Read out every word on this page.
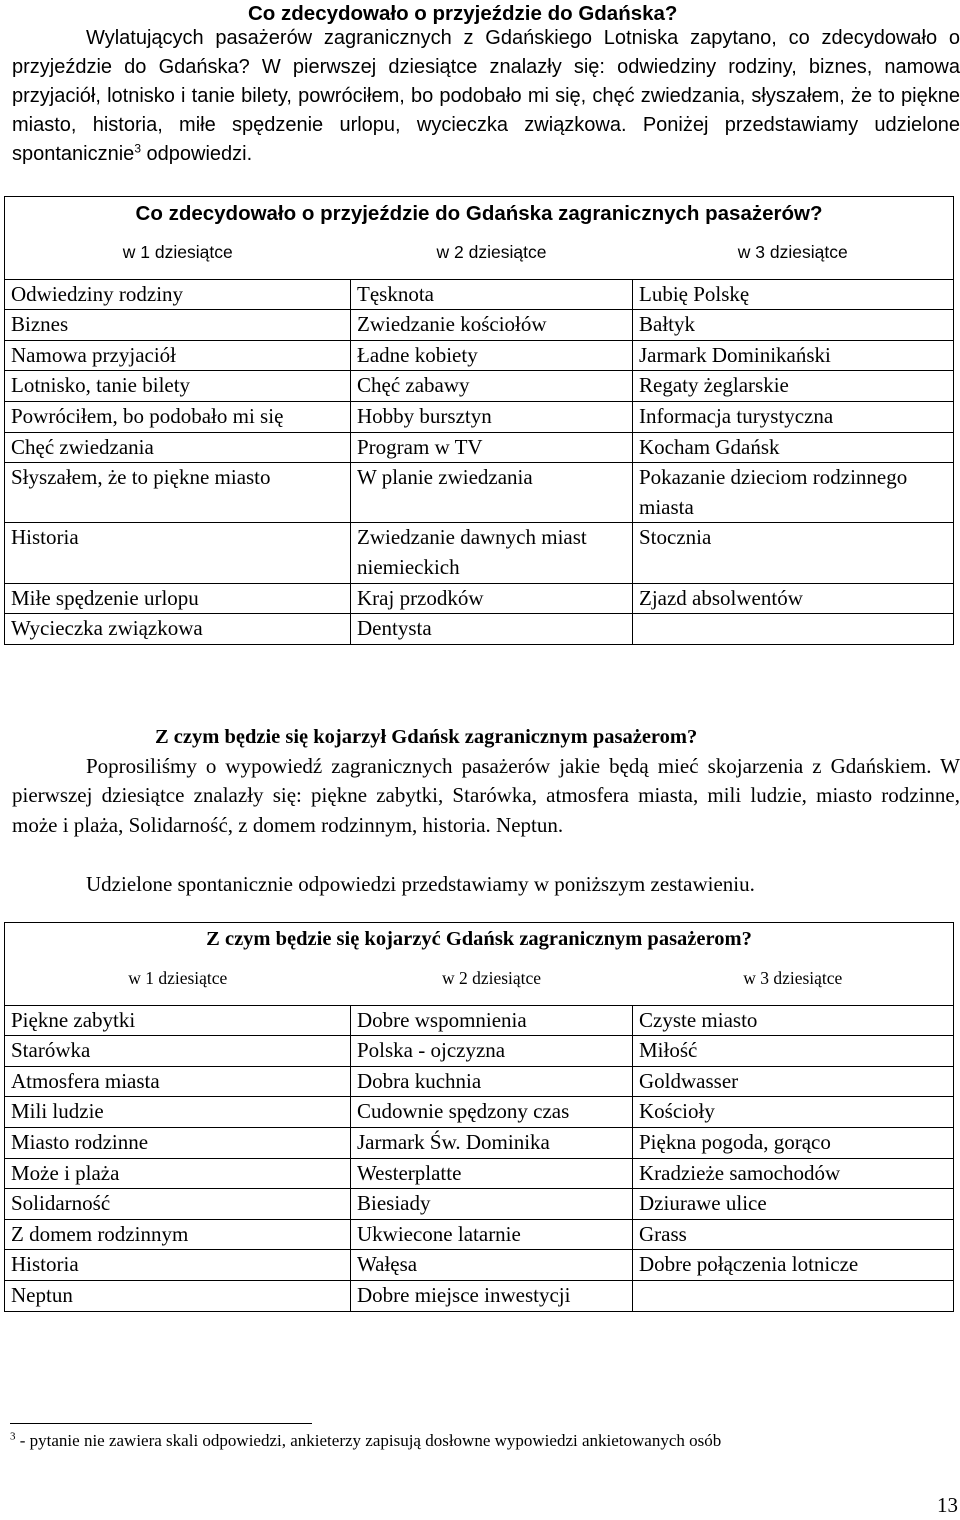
Co zdecydowało o przyjeździe do Gdańska?

Wylatujących pasażerów zagranicznych z Gdańskiego Lotniska zapytano, co zdecydowało o przyjeździe do Gdańska? W pierwszej dziesiątce znalazły się: odwiedziny rodziny, biznes, namowa przyjaciół, lotnisko i tanie bilety, powróciłem, bo podobało mi się, chęć zwiedzania, słyszałem, że to piękne miasto, historia, miłe spędzenie urlopu, wycieczka związkowa. Poniżej przedstawiamy udzielone spontanicznie$^3$ odpowiedzi.

Co zdecydowało o przyjeździe do Gdańska zagranicznych pasażerów?		
w 1 dziesiątce	w 2 dziesiątce	w 3 dziesiątce
Odwiedziny rodziny	Tęsknota	Lubię Polskę
Biznes	Zwiedzanie kościołów	Bałtyk
Namowa przyjaciół	Ładne kobiety	Jarmark Dominikański
Lotnisko, tanie bilety	Chęć zabawy	Regaty żeglarskie
Powróciłem, bo podobało mi się	Hobby bursztyn	Informacja turystyczna
Chęć zwiedzania	Program w TV	Kocham Gdańsk
Słyszałem, że to piękne miasto	W planie zwiedzania	Pokazanie dzieciom rodzinnego miasta
Historia	Zwiedzanie dawnych miast niemieckich	Stocznia
Miłe spędzenie urlopu	Kraj przodków	Zjazd absolwentów
Wycieczka związkowa	Dentysta	
Z czym będzie się kojarzył Gdańsk zagranicznym pasażerom?

Poprosiliśmy o wypowiedź zagranicznych pasażerów jakie będą mieć skojarzenia z Gdańskiem. W pierwszej dziesiątce znalazły się: piękne zabytki, Starówka, atmosfera miasta, mili ludzie, miasto rodzinne, może i plaża, Solidarność, z domem rodzinnym, historia. Neptun.

Udzielone spontanicznie odpowiedzi przedstawiamy w poniższym zestawieniu.

Z czym będzie się kojarzyć Gdańsk zagranicznym pasażerom?		
w 1 dziesiątce	w 2 dziesiątce	w 3 dziesiątce
Piękne zabytki	Dobre wspomnienia	Czyste miasto
Starówka	Polska - ojczyzna	Miłość
Atmosfera miasta	Dobra kuchnia	Goldwasser
Mili ludzie	Cudownie spędzony czas	Kościoły
Miasto rodzinne	Jarmark Św. Dominika	Piękna pogoda, gorąco
Może i plaża	Westerplatte	Kradzieże samochodów
Solidarność	Biesiady	Dziurawe ulice
Z domem rodzinnym	Ukwiecone latarnie	Grass
Historia	Wałęsa	Dobre połączenia lotnicze
Neptun	Dobre miejsce inwestycji	
$^3$ - pytanie nie zawiera skali odpowiedzi, ankieterzy zapisują dosłowne wypowiedzi ankietowanych osób
13
